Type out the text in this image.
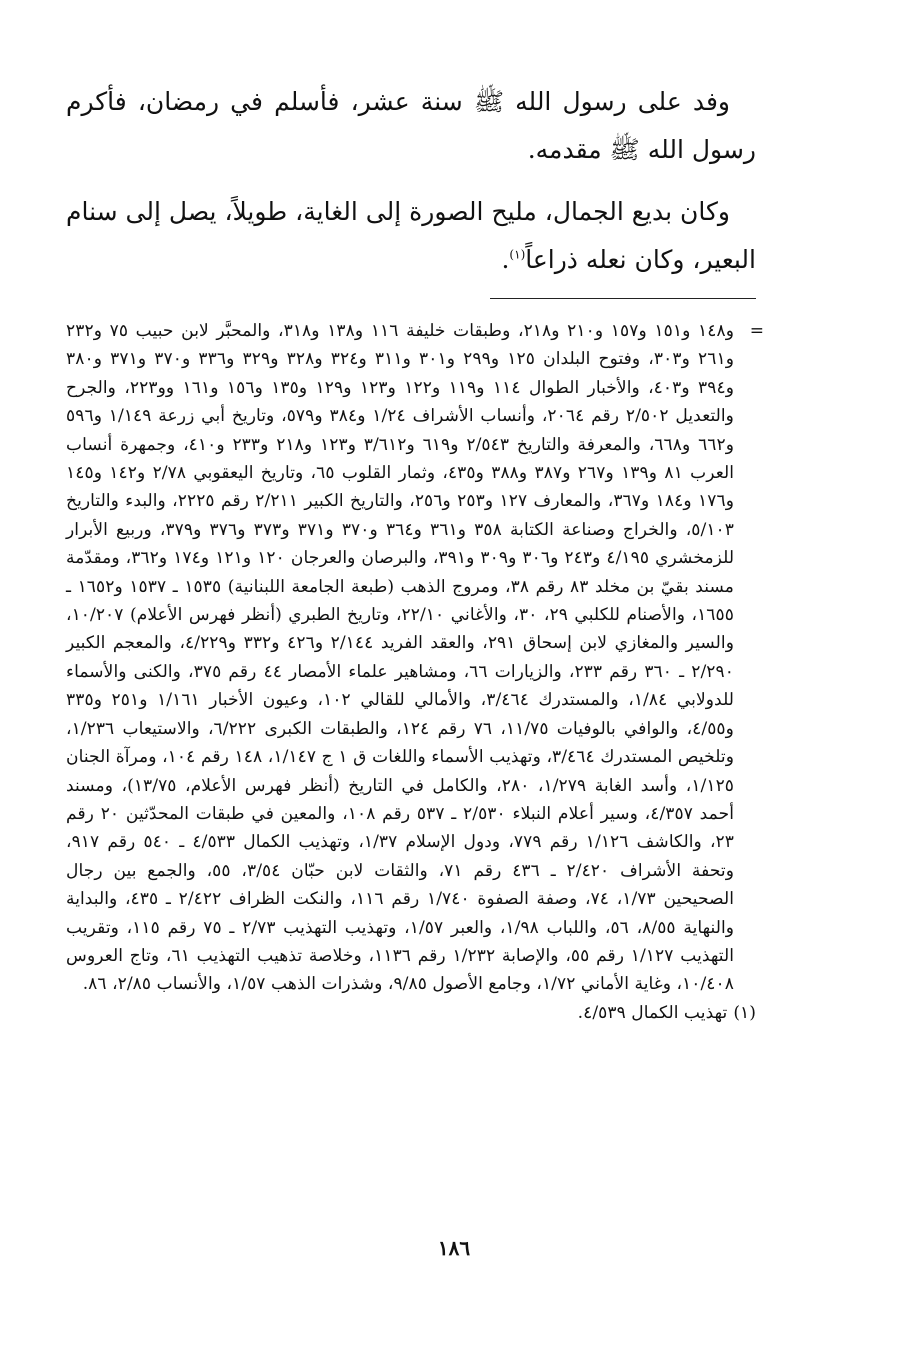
وفد على رسول الله ﷺ سنة عشر، فأسلم في رمضان، فأكرم رسول الله ﷺ مقدمه.

وكان بديع الجمال، مليح الصورة إلى الغاية، طويلاً، يصل إلى سنام البعير، وكان نعله ذراعاً$^{(١)}$.

=
و١٤٨ و١٥١ و١٥٧ و٢١٠ و٢١٨، وطبقات خليفة ١١٦ و١٣٨ و٣١٨، والمحبَّر لابن حبيب ٧٥ و٢٣٢ و٢٦١ و٣٠٣، وفتوح البلدان ١٢٥ و٢٩٩ و٣٠١ و٣١١ و٣٢٤ و٣٢٨ و٣٢٩ و٣٣٦ و٣٧٠ و٣٧١ و٣٨٠ و٣٩٤ و٤٠٣، والأخبار الطوال ١١٤ و١١٩ و١٢٢ و١٢٣ و١٢٩ و١٣٥ و١٥٦ و١٦١ وو٢٢٣، والجرح والتعديل ٢/٥٠٢ رقم ٢٠٦٤، وأنساب الأشراف ١/٢٤ و٣٨٤ و٥٧٩، وتاريخ أبي زرعة ١/١٤٩ و٥٩٦ و٦٦٢ و٦٦٨، والمعرفة والتاريخ ٢/٥٤٣ و٦١٩ و٣/٦١٢ و١٢٣ و٢١٨ و٢٣٣ و٤١٠، وجمهرة أنساب العرب ٨١ و١٣٩ و٢٦٧ و٣٨٧ و٣٨٨ و٤٣٥، وثمار القلوب ٦٥، وتاريخ اليعقوبي ٢/٧٨ و١٤٢ و١٤٥ و١٧٦ و١٨٤ و٣٦٧، والمعارف ١٢٧ و٢٥٣ و٢٥٦، والتاريخ الكبير ٢/٢١١ رقم ٢٢٢٥، والبدء والتاريخ ٥/١٠٣، والخراج وصناعة الكتابة ٣٥٨ و٣٦١ و٣٦٤ و٣٧٠ و٣٧١ و٣٧٣ و٣٧٦ و٣٧٩، وربيع الأبرار للزمخشري ٤/١٩٥ و٢٤٣ و٣٠٦ و٣٠٩ و٣٩١، والبرصان والعرجان ١٢٠ و١٢١ و١٧٤ و٣٦٢، ومقدّمة مسند بقيّ بن مخلد ٨٣ رقم ٣٨، ومروج الذهب (طبعة الجامعة اللبنانية) ١٥٣٥ ـ ١٥٣٧ و١٦٥٢ ـ ١٦٥٥، والأصنام للكلبي ٢٩، ٣٠، والأغاني ٢٢/١٠، وتاريخ الطبري (أنظر فهرس الأعلام) ١٠/٢٠٧، والسير والمغازي لابن إسحاق ٢٩١، والعقد الفريد ٢/١٤٤ و٤٢٦ و٣٣٢ و٤/٢٢٩، والمعجم الكبير ٢/٢٩٠ ـ ٣٦٠ رقم ٢٣٣، والزيارات ٦٦، ومشاهير علماء الأمصار ٤٤ رقم ٣٧٥، والكنى والأسماء للدولابي ١/٨٤، والمستدرك ٣/٤٦٤، والأمالي للقالي ١٠٢، وعيون الأخبار ١/١٦١ و٢٥١ و٣٣٥ و٤/٥٥، والوافي بالوفيات ١١/٧٥، ٧٦ رقم ١٢٤، والطبقات الكبرى ٦/٢٢٢، والاستيعاب ١/٢٣٦، وتلخيص المستدرك ٣/٤٦٤، وتهذيب الأسماء واللغات ق ١ ج ١/١٤٧، ١٤٨ رقم ١٠٤، ومرآة الجنان ١/١٢٥، وأسد الغابة ١/٢٧٩، ٢٨٠، والكامل في التاريخ (أنظر فهرس الأعلام، ١٣/٧٥)، ومسند أحمد ٤/٣٥٧، وسير أعلام النبلاء ٢/٥٣٠ ـ ٥٣٧ رقم ١٠٨، والمعين في طبقات المحدّثين ٢٠ رقم ٢٣، والكاشف ١/١٢٦ رقم ٧٧٩، ودول الإسلام ١/٣٧، وتهذيب الكمال ٤/٥٣٣ ـ ٥٤٠ رقم ٩١٧، وتحفة الأشراف ٢/٤٢٠ ـ ٤٣٦ رقم ٧١، والثقات لابن حبّان ٣/٥٤، ٥٥، والجمع بين رجال الصحيحين ١/٧٣، ٧٤، وصفة الصفوة ١/٧٤٠ رقم ١١٦، والنكت الظراف ٢/٤٢٢ ـ ٤٣٥، والبداية والنهاية ٨/٥٥، ٥٦، واللباب ١/٩٨، والعبر ١/٥٧، وتهذيب التهذيب ٢/٧٣ ـ ٧٥ رقم ١١٥، وتقريب التهذيب ١/١٢٧ رقم ٥٥، والإصابة ١/٢٣٢ رقم ١١٣٦، وخلاصة تذهيب التهذيب ٦١، وتاج العروس ١٠/٤٠٨، وغاية الأماني ١/٧٢، وجامع الأصول ٩/٨٥، وشذرات الذهب ١/٥٧، والأنساب ٢/٨٥، ٨٦.

(١)تهذيب الكمال ٤/٥٣٩.

١٨٦
